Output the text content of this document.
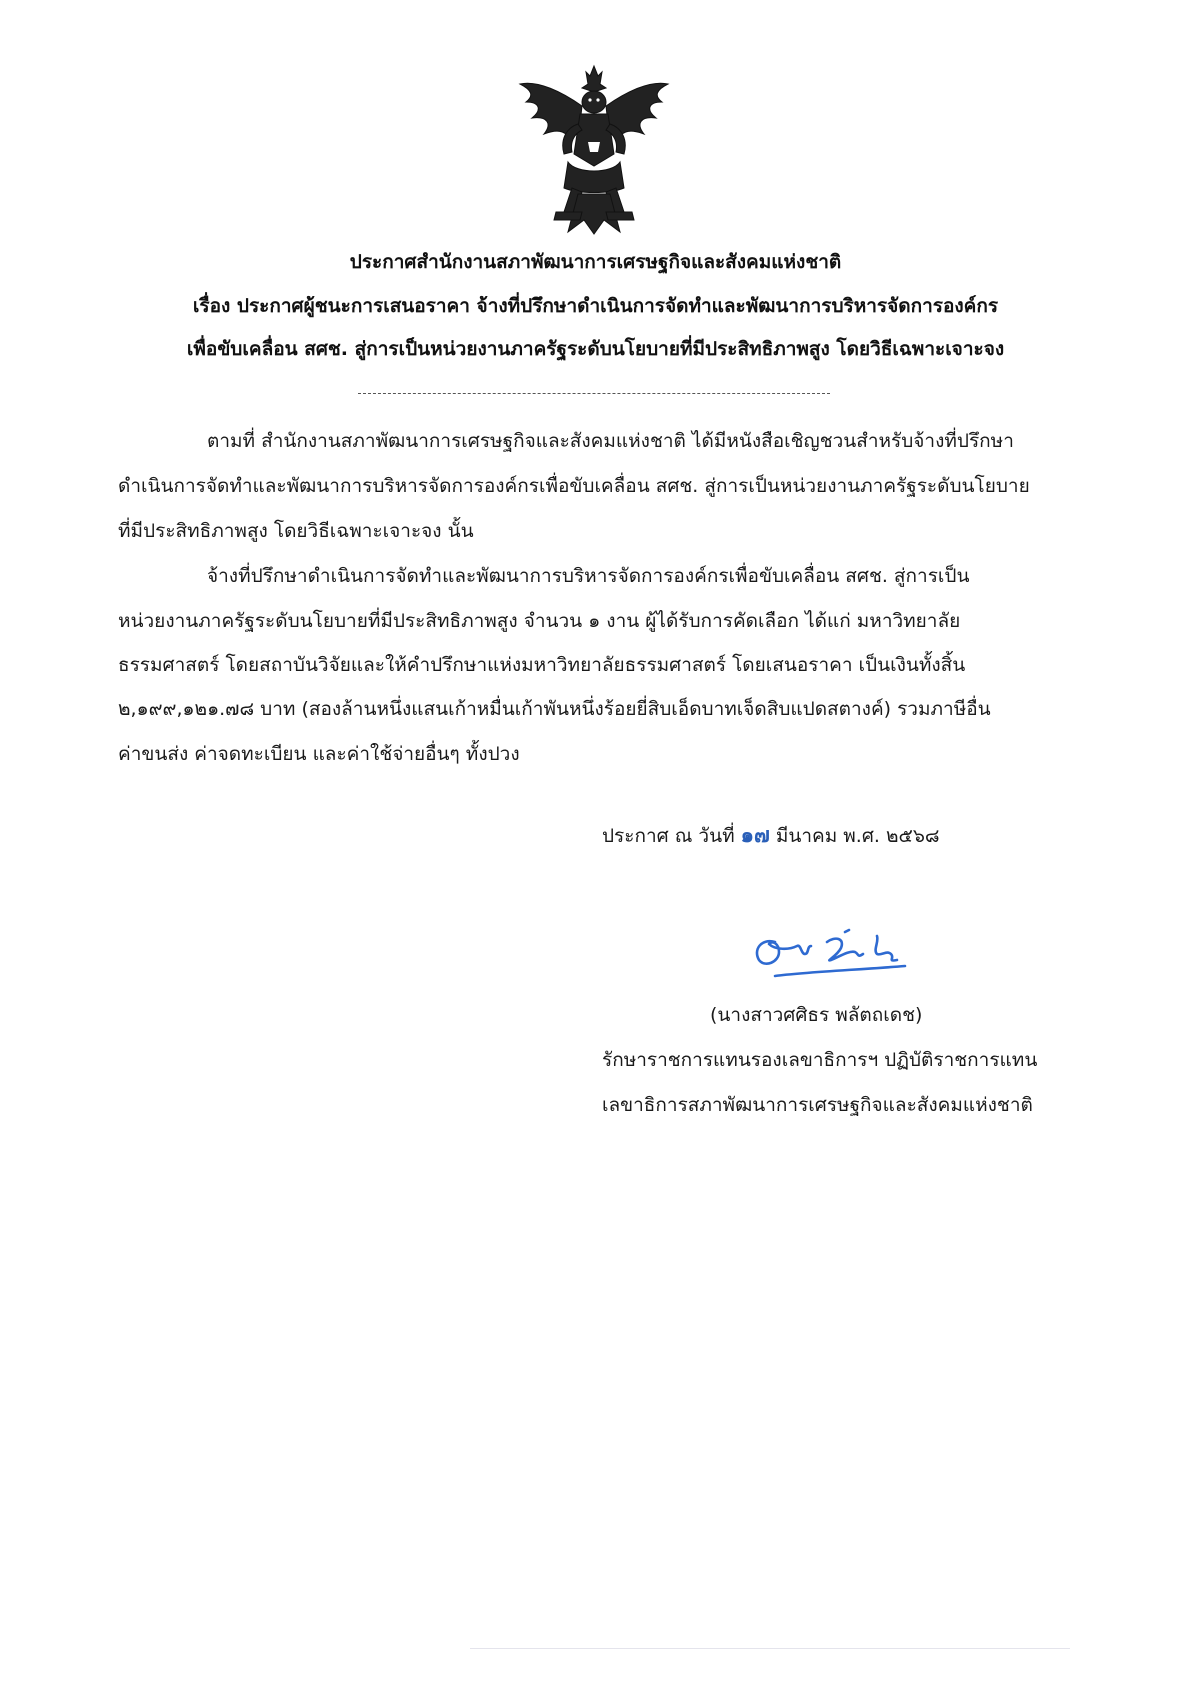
ประกาศสำนักงานสภาพัฒนาการเศรษฐกิจและสังคมแห่งชาติ
เรื่อง ประกาศผู้ชนะการเสนอราคา จ้างที่ปรึกษาดำเนินการจัดทำและพัฒนาการบริหารจัดการองค์กร
เพื่อขับเคลื่อน สศช. สู่การเป็นหน่วยงานภาครัฐระดับนโยบายที่มีประสิทธิภาพสูง โดยวิธีเฉพาะเจาะจง
ตามที่ สำนักงานสภาพัฒนาการเศรษฐกิจและสังคมแห่งชาติ ได้มีหนังสือเชิญชวนสำหรับจ้างที่ปรึกษา
ดำเนินการจัดทำและพัฒนาการบริหารจัดการองค์กรเพื่อขับเคลื่อน สศช. สู่การเป็นหน่วยงานภาครัฐระดับนโยบาย
ที่มีประสิทธิภาพสูง โดยวิธีเฉพาะเจาะจง นั้น
จ้างที่ปรึกษาดำเนินการจัดทำและพัฒนาการบริหารจัดการองค์กรเพื่อขับเคลื่อน สศช. สู่การเป็น
หน่วยงานภาครัฐระดับนโยบายที่มีประสิทธิภาพสูง จำนวน ๑ งาน ผู้ได้รับการคัดเลือก ได้แก่ มหาวิทยาลัย
ธรรมศาสตร์ โดยสถาบันวิจัยและให้คำปรึกษาแห่งมหาวิทยาลัยธรรมศาสตร์ โดยเสนอราคา เป็นเงินทั้งสิ้น
๒,๑๙๙,๑๒๑.๗๘ บาท (สองล้านหนึ่งแสนเก้าหมื่นเก้าพันหนึ่งร้อยยี่สิบเอ็ดบาทเจ็ดสิบแปดสตางค์) รวมภาษีอื่น
ค่าขนส่ง ค่าจดทะเบียน และค่าใช้จ่ายอื่นๆ ทั้งปวง
ประกาศ ณ วันที่ ๑๗ มีนาคม พ.ศ. ๒๕๖๘
(นางสาวศศิธร พลัตถเดช)
รักษาราชการแทนรองเลขาธิการฯ ปฏิบัติราชการแทน
เลขาธิการสภาพัฒนาการเศรษฐกิจและสังคมแห่งชาติ
